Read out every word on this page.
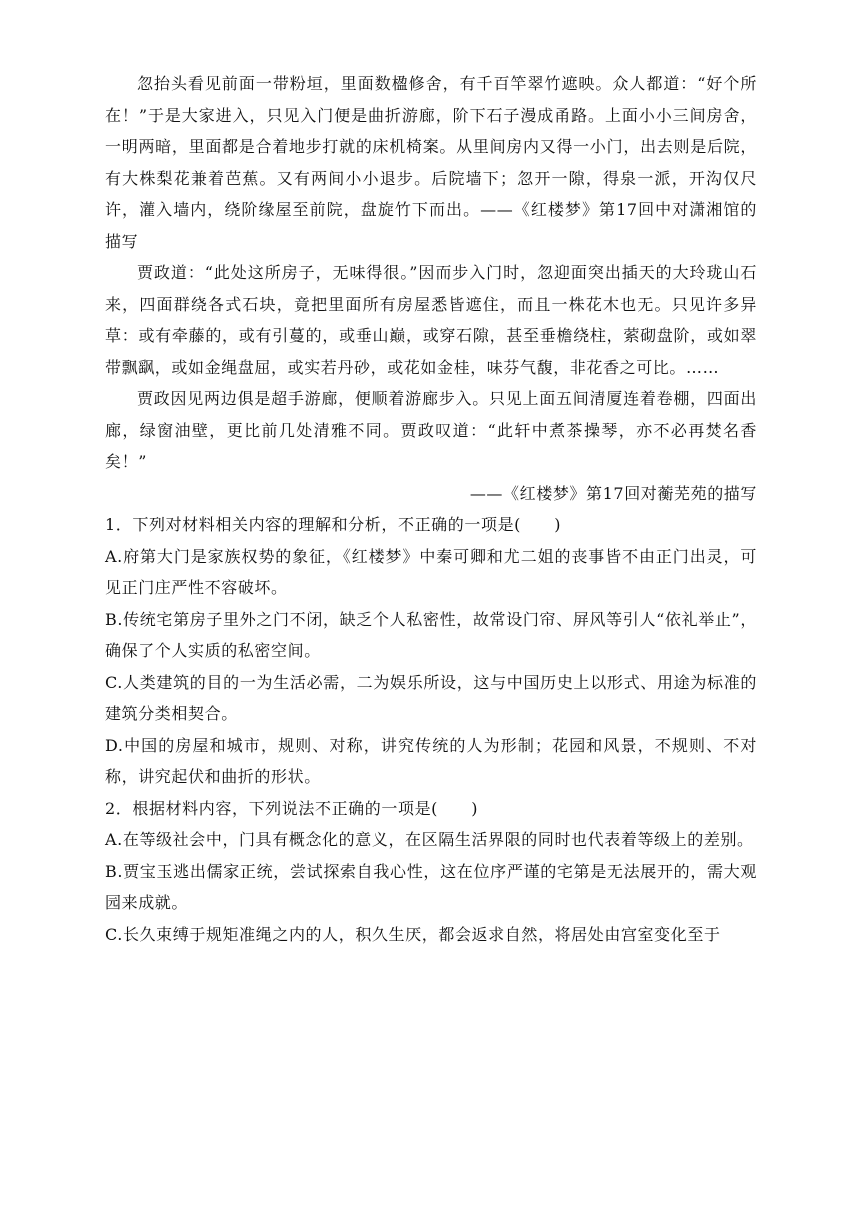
忽抬头看见前面一带粉垣，里面数楹修舍，有千百竿翠竹遮映。众人都道：“好个所在！”于是大家进入，只见入门便是曲折游廊，阶下石子漫成甬路。上面小小三间房舍，一明两暗，里面都是合着地步打就的床机椅案。从里间房内又得一小门，出去则是后院，有大株梨花兼着芭蕉。又有两间小小退步。后院墙下；忽开一隙，得泉一派，开沟仅尺许，灌入墙内，绕阶缘屋至前院，盘旋竹下而出。——《红楼梦》第17回中对潇湘馆的描写

贾政道：“此处这所房子，无味得很。”因而步入门时，忽迎面突出插天的大玲珑山石来，四面群绕各式石块，竟把里面所有房屋悉皆遮住，而且一株花木也无。只见许多异草：或有牵藤的，或有引蔓的，或垂山巅，或穿石隙，甚至垂檐绕柱，萦砌盘阶，或如翠带飘飖，或如金绳盘屈，或实若丹砂，或花如金桂，味芬气馥，非花香之可比。……

贾政因见两边俱是超手游廊，便顺着游廊步入。只见上面五间清厦连着卷棚，四面出廊，绿窗油壁，更比前几处清雅不同。贾政叹道：“此轩中煮茶操琴，亦不必再焚名香矣！”

——《红楼梦》第17回对蘅芜苑的描写

1．下列对材料相关内容的理解和分析，不正确的一项是(　　)

A.府第大门是家族权势的象征，《红楼梦》中秦可卿和尤二姐的丧事皆不由正门出灵，可见正门庄严性不容破坏。

B.传统宅第房子里外之门不闭，缺乏个人私密性，故常设门帘、屏风等引人“依礼举止”，确保了个人实质的私密空间。

C.人类建筑的目的一为生活必需，二为娱乐所设，这与中国历史上以形式、用途为标准的建筑分类相契合。

D.中国的房屋和城市，规则、对称，讲究传统的人为形制；花园和风景，不规则、不对称，讲究起伏和曲折的形状。

2．根据材料内容，下列说法不正确的一项是(　　)

A.在等级社会中，门具有概念化的意义，在区隔生活界限的同时也代表着等级上的差别。

B.贾宝玉逃出儒家正统，尝试探索自我心性，这在位序严谨的宅第是无法展开的，需大观园来成就。

C.长久束缚于规矩准绳之内的人，积久生厌，都会返求自然，将居处由宫室变化至于
